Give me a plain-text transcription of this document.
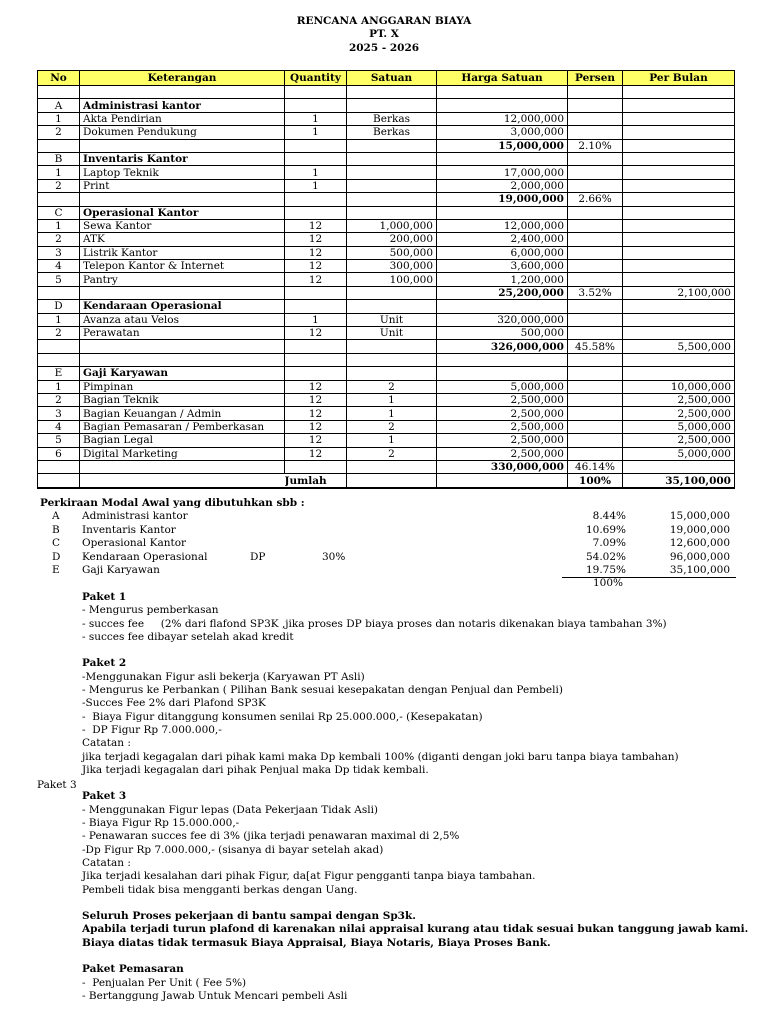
RENCANA ANGGARAN BIAYA
PT. X
2025 - 2026
No	Keterangan	Quantity	Satuan	Harga Satuan	Persen	Per Bulan

A	Administrasi kantor					
1	Akta Pendirian	1	Berkas	12,000,000		
2	Dokumen Pendukung	1	Berkas	3,000,000		
				15,000,000	2.10%	
B	Inventaris Kantor					
1	Laptop Teknik	1		17,000,000		
2	Print	1		2,000,000		
				19,000,000	2.66%	
C	Operasional Kantor					
1	Sewa Kantor	12	1,000,000	12,000,000		
2	ATK	12	200,000	2,400,000		
3	Listrik Kantor	12	500,000	6,000,000		
4	Telepon Kantor & Internet	12	300,000	3,600,000		
5	Pantry	12	100,000	1,200,000		
				25,200,000	3.52%	2,100,000
D	Kendaraan Operasional					
1	Avanza atau Velos	1	Unit	320,000,000		
2	Perawatan	12	Unit	500,000		
				326,000,000	45.58%	5,500,000

E	Gaji Karyawan					
1	Pimpinan	12	2	5,000,000		10,000,000
2	Bagian Teknik	12	1	2,500,000		2,500,000
3	Bagian Keuangan / Admin	12	1	2,500,000		2,500,000
4	Bagian Pemasaran / Pemberkasan	12	2	2,500,000		5,000,000
5	Bagian Legal	12	1	2,500,000		2,500,000
6	Digital Marketing	12	2	2,500,000		5,000,000
				330,000,000	46.14%	
		Jumlah			100%	35,100,000
Perkiraan Modal Awal yang dibutuhkan sbb :
A Administrasi kantor	8.44%	15,000,000
B Inventaris Kantor	10.69%	19,000,000
C Operasional Kantor	7.09%	12,600,000
D Kendaraan Operasional	DP	30%	54.02%	96,000,000
E Gaji Karyawan	19.75%	35,100,000
100%
Paket 3
Paket 1
- Mengurus pemberkasan
- succes fee     (2% dari flafond SP3K ,jika proses DP biaya proses dan notaris dikenakan biaya tambahan 3%)
- succes fee dibayar setelah akad kredit
Paket 2
-Menggunakan Figur asli bekerja (Karyawan PT Asli)
- Mengurus ke Perbankan ( Pilihan Bank sesuai kesepakatan dengan Penjual dan Pembeli)
-Succes Fee 2% dari Plafond SP3K
-  Biaya Figur ditanggung konsumen senilai Rp 25.000.000,- (Kesepakatan)
-  DP Figur Rp 7.000.000,-
Catatan :
jika terjadi kegagalan dari pihak kami maka Dp kembali 100% (diganti dengan joki baru tanpa biaya tambahan)
Jika terjadi kegagalan dari pihak Penjual maka Dp tidak kembali.
Paket 3
- Menggunakan Figur lepas (Data Pekerjaan Tidak Asli)
- Biaya Figur Rp 15.000.000,-
- Penawaran succes fee di 3% (jika terjadi penawaran maximal di 2,5%
-Dp Figur Rp 7.000.000,- (sisanya di bayar setelah akad)
Catatan :
Jika terjadi kesalahan dari pihak Figur, da[at Figur pengganti tanpa biaya tambahan.
Pembeli tidak bisa mengganti berkas dengan Uang.
Seluruh Proses pekerjaan di bantu sampai dengan Sp3k.
Apabila terjadi turun plafond di karenakan nilai appraisal kurang atau tidak sesuai bukan tanggung jawab kami.
Biaya diatas tidak termasuk Biaya Appraisal, Biaya Notaris, Biaya Proses Bank.
Paket Pemasaran
-  Penjualan Per Unit ( Fee 5%)
- Bertanggung Jawab Untuk Mencari pembeli Asli
